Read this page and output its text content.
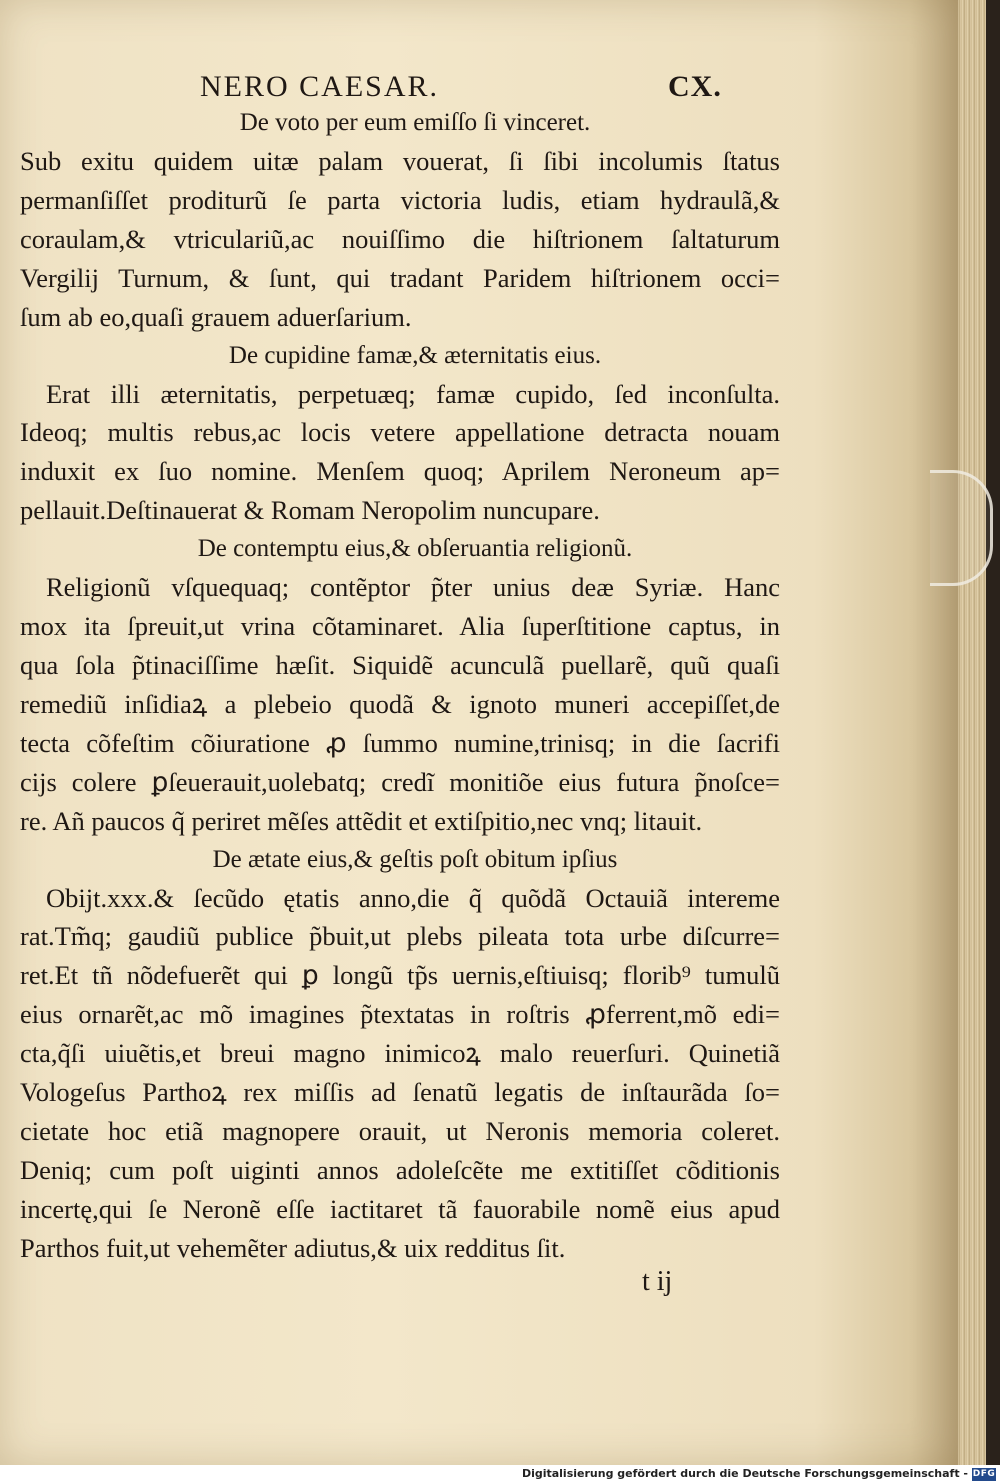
NERO CAESAR.	CX.
De voto per eum emiſſo ſi vinceret.
Sub exitu quidem uitæ palam vouerat, ſi ſibi incolumis ſtatus
permanſiſſet proditurũ ſe parta victoria ludis, etiam hydraulã,&
coraulam,& vtriculariũ,ac nouiſſimo die hiſtrionem ſaltaturum
Vergilij Turnum, & ſunt, qui tradant Paridem hiſtrionem occi=
ſum ab eo,quaſi grauem aduerſarium.
De cupidine famæ,& æternitatis eius.
Erat illi æternitatis, perpetuæq; famæ cupido, ſed inconſulta.
Ideoq; multis rebus,ac locis vetere appellatione detracta nouam
induxit ex ſuo nomine. Menſem quoq; Aprilem Neroneum ap=
pellauit.Deſtinauerat & Romam Neropolim nuncupare.
De contemptu eius,& obſeruantia religionũ.
Religionũ vſquequaq; contẽptor p̃ter unius deæ Syriæ. Hanc
mox ita ſpreuit,ut vrina cõtaminaret. Alia ſuperſtitione captus, in
qua ſola p̃tinaciſſime hæſit. Siquidẽ acunculã puellarẽ, quũ quaſi
remediũ inſidiaꝝ a plebeio quodã & ignoto muneri accepiſſet,de
tecta cõfeſtim cõiuratione ꝓ ſummo numine,trinisq; in die ſacrifi
cijs colere ꝑſeuerauit,uolebatq; credĩ monitiõe eius futura p̃noſce=
re. Añ paucos q̃ periret mẽſes attẽdit et extiſpitio,nec vnq; litauit.
De ætate eius,& geſtis poſt obitum ipſius
Obijt.xxx.& ſecũdo ętatis anno,die q̃ quõdã Octauiã intereme
rat.Tm̃q; gaudiũ publice p̃buit,ut plebs pileata tota urbe diſcurre=
ret.Et tñ nõdefuerẽt qui ꝑ longũ tp̃s uernis,eſtiuisq; florib⁹ tumulũ
eius ornarẽt,ac mõ imagines p̃textatas in roſtris ꝓferrent,mõ edi=
cta,q̃ſi uiuẽtis,et breui magno inimicoꝝ malo reuerſuri. Quinetiã
Vologeſus Parthoꝝ rex miſſis ad ſenatũ legatis de inſtaurãda ſo=
cietate hoc etiã magnopere orauit, ut Neronis memoria coleret.
Deniq; cum poſt uiginti annos adoleſcẽte me extitiſſet cõditionis
incertę,qui ſe Neronẽ eſſe iactitaret tã fauorabile nomẽ eius apud
Parthos fuit,ut vehemẽter adiutus,& uix redditus ſit.
t ij
Digitalisierung gefördert durch die Deutsche Forschungsgemeinschaft - DFG
